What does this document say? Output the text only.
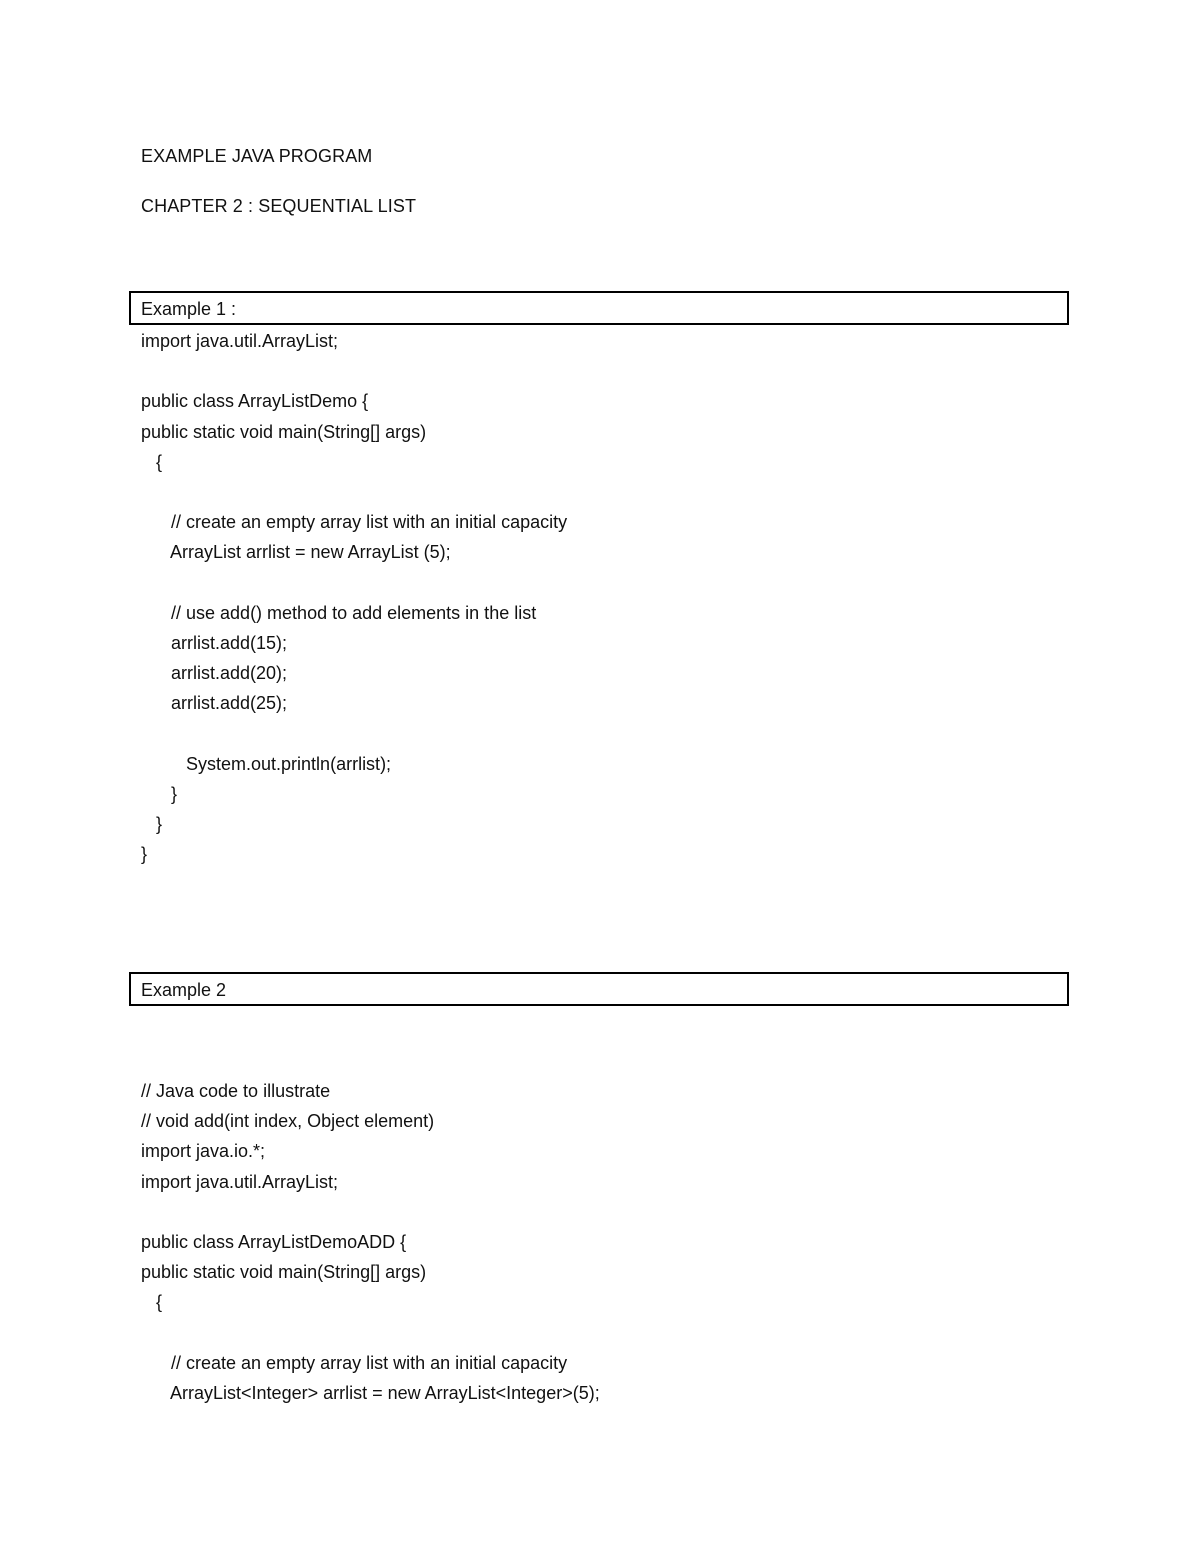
EXAMPLE JAVA PROGRAM
CHAPTER 2 : SEQUENTIAL LIST
Example 1 :
import java.util.ArrayList;
public class ArrayListDemo {
public static void main(String[] args)
{
// create an empty array list with an initial capacity
ArrayList arrlist = new ArrayList (5);
// use add() method to add elements in the list
arrlist.add(15);
arrlist.add(20);
arrlist.add(25);
System.out.println(arrlist);
}
}
}
Example 2
// Java code to illustrate
// void add(int index, Object element)
import java.io.*;
import java.util.ArrayList;
public class ArrayListDemoADD {
public static void main(String[] args)
{
// create an empty array list with an initial capacity
ArrayList<Integer> arrlist = new ArrayList<Integer>(5);
